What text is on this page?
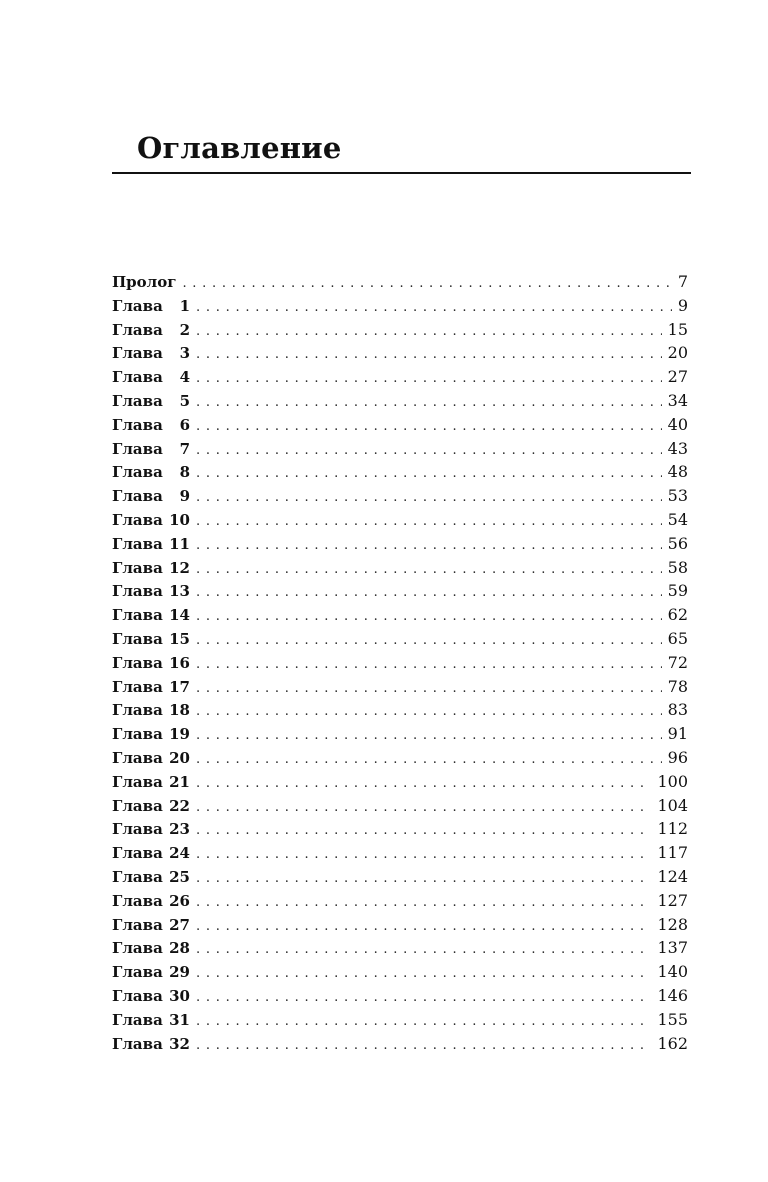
Оглавление
Пролог . . .	7
Глава 1 . . .	9
Глава 2 . . .	15
Глава 3 . . .	20
Глава 4 . . .	27
Глава 5 . . .	34
Глава 6 . . .	40
Глава 7 . . .	43
Глава 8 . . .	48
Глава 9 . . .	53
Глава 10 . . .	54
Глава 11 . . .	56
Глава 12 . . .	58
Глава 13 . . .	59
Глава 14 . . .	62
Глава 15 . . .	65
Глава 16 . . .	72
Глава 17 . . .	78
Глава 18 . . .	83
Глава 19 . . .	91
Глава 20 . . .	96
Глава 21 . . .	100
Глава 22 . . .	104
Глава 23 . . .	112
Глава 24 . . .	117
Глава 25 . . .	124
Глава 26 . . .	127
Глава 27 . . .	128
Глава 28 . . .	137
Глава 29 . . .	140
Глава 30 . . .	146
Глава 31 . . .	155
Глава 32 . . .	162
